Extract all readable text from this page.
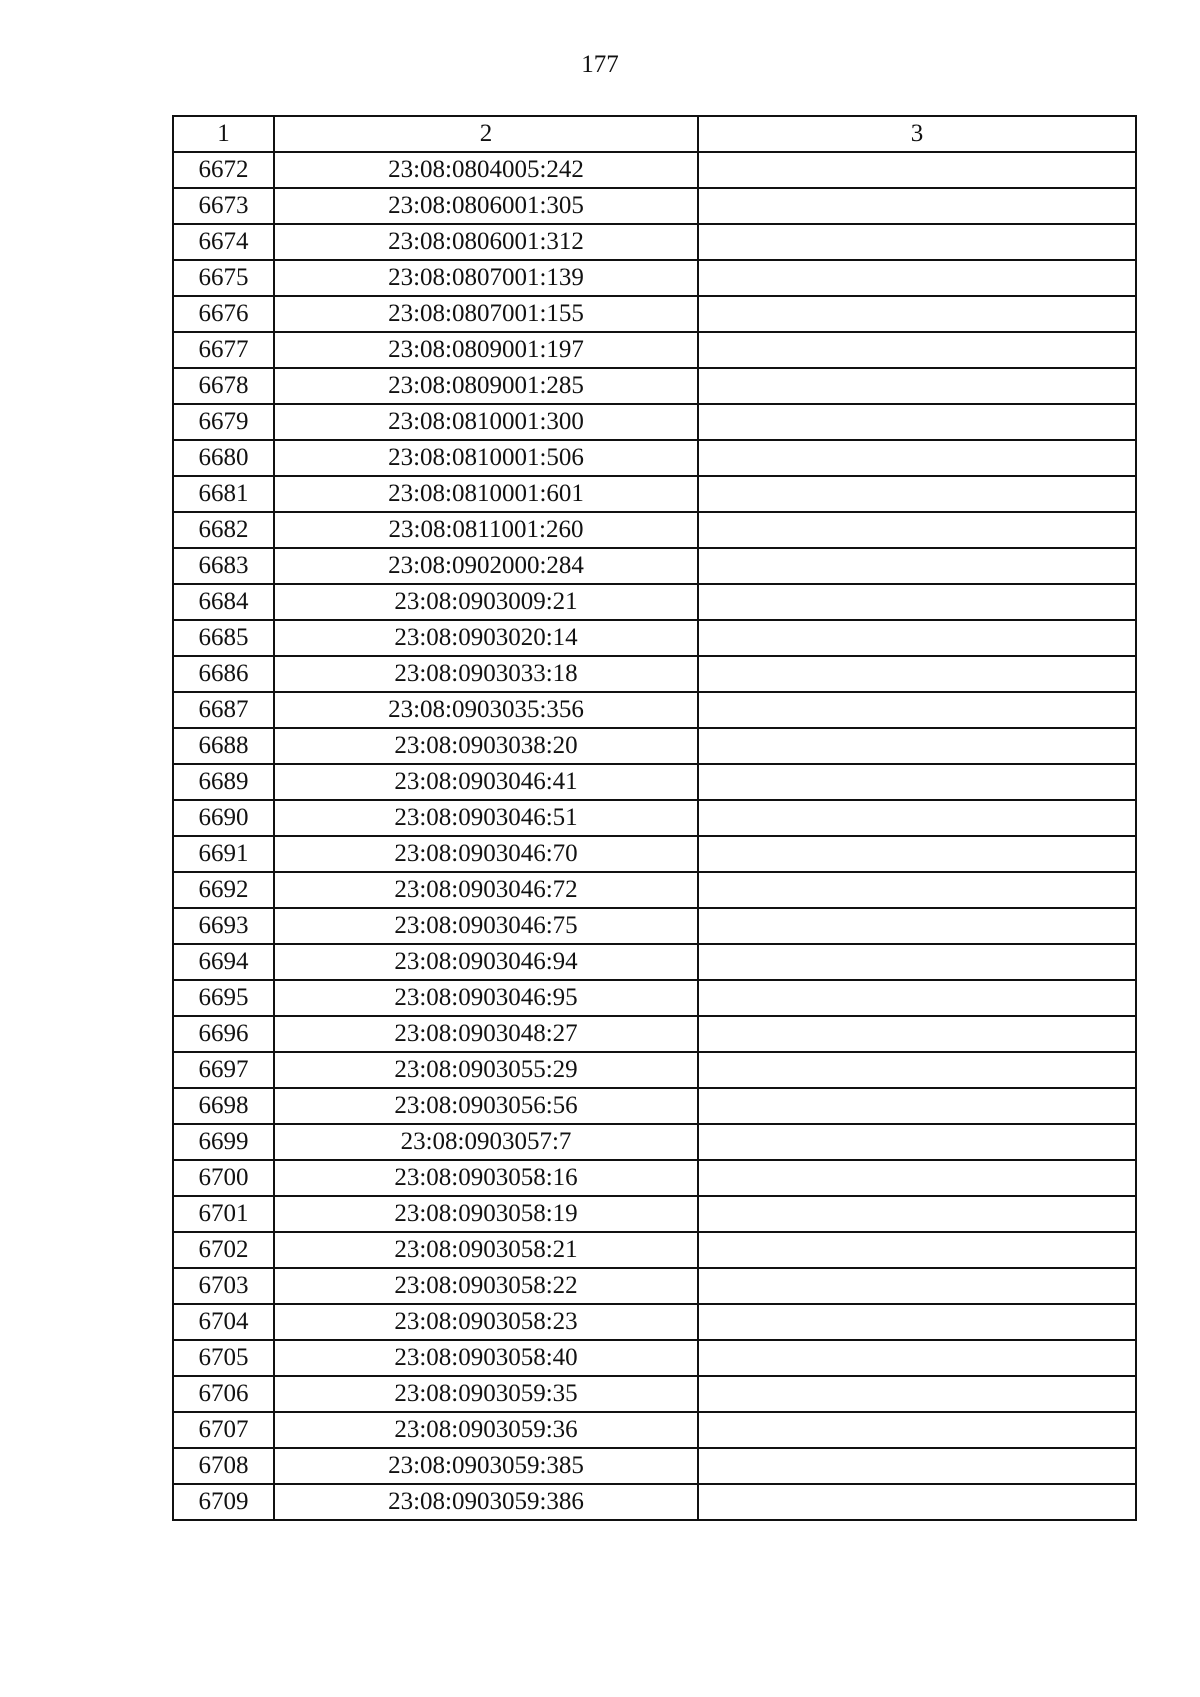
177
1	2	3
6672	23:08:0804005:242	
6673	23:08:0806001:305	
6674	23:08:0806001:312	
6675	23:08:0807001:139	
6676	23:08:0807001:155	
6677	23:08:0809001:197	
6678	23:08:0809001:285	
6679	23:08:0810001:300	
6680	23:08:0810001:506	
6681	23:08:0810001:601	
6682	23:08:0811001:260	
6683	23:08:0902000:284	
6684	23:08:0903009:21	
6685	23:08:0903020:14	
6686	23:08:0903033:18	
6687	23:08:0903035:356	
6688	23:08:0903038:20	
6689	23:08:0903046:41	
6690	23:08:0903046:51	
6691	23:08:0903046:70	
6692	23:08:0903046:72	
6693	23:08:0903046:75	
6694	23:08:0903046:94	
6695	23:08:0903046:95	
6696	23:08:0903048:27	
6697	23:08:0903055:29	
6698	23:08:0903056:56	
6699	23:08:0903057:7	
6700	23:08:0903058:16	
6701	23:08:0903058:19	
6702	23:08:0903058:21	
6703	23:08:0903058:22	
6704	23:08:0903058:23	
6705	23:08:0903058:40	
6706	23:08:0903059:35	
6707	23:08:0903059:36	
6708	23:08:0903059:385	
6709	23:08:0903059:386	
